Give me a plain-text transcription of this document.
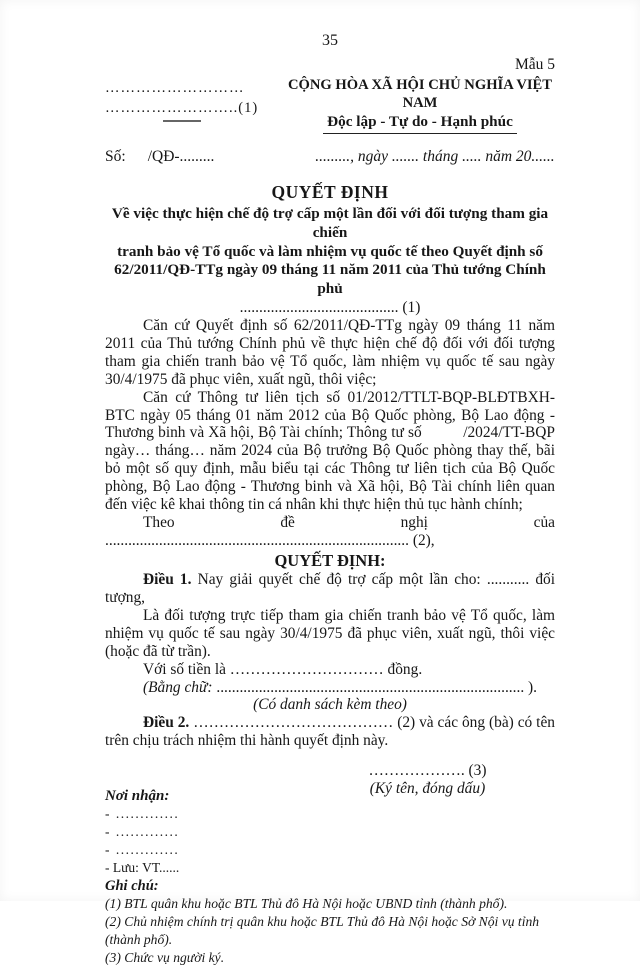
35
Mẫu 5
………………………
……………………..(1)
CỘNG HÒA XÃ HỘI CHỦ NGHĨA VIỆT NAM
Độc lập - Tự do - Hạnh phúc
Số: /QĐ-.........	........., ngày ....... tháng ..... năm 20......
QUYẾT ĐỊNH
Về việc thực hiện chế độ trợ cấp một lần đối với đối tượng tham gia chiến
tranh bảo vệ Tổ quốc và làm nhiệm vụ quốc tế theo Quyết định số
62/2011/QĐ-TTg ngày 09 tháng 11 năm 2011 của Thủ tướng Chính phủ
......................................... (1)

Căn cứ Quyết định số 62/2011/QĐ-TTg ngày 09 tháng 11 năm 2011 của Thủ tướng Chính phủ về thực hiện chế độ đối với đối tượng tham gia chiến tranh bảo vệ Tổ quốc, làm nhiệm vụ quốc tế sau ngày 30/4/1975 đã phục viên, xuất ngũ, thôi việc;

Căn cứ Thông tư liên tịch số 01/2012/TTLT-BQP-BLĐTBXH-BTC ngày 05 tháng 01 năm 2012 của Bộ Quốc phòng, Bộ Lao động - Thương binh và Xã hội, Bộ Tài chính; Thông tư số          /2024/TT-BQP ngày… tháng… năm 2024 của Bộ trưởng Bộ Quốc phòng thay thế, bãi bỏ một số quy định, mẫu biểu tại các Thông tư liên tịch của Bộ Quốc phòng, Bộ Lao động - Thương binh và Xã hội, Bộ Tài chính liên quan đến việc kê khai thông tin cá nhân khi thực hiện thủ tục hành chính;

Theo đề nghị của ............................................................................... (2),

QUYẾT ĐỊNH:

Điều 1. Nay giải quyết chế độ trợ cấp một lần cho: ........... đối tượng,

Là đối tượng trực tiếp tham gia chiến tranh bảo vệ Tổ quốc, làm nhiệm vụ quốc tế sau ngày 30/4/1975 đã phục viên, xuất ngũ, thôi việc (hoặc đã từ trần).

Với số tiền là ………………………… đồng.

(Bằng chữ: ................................................................................ ).

(Có danh sách kèm theo)

Điều 2. ………………………………… (2) và các ông (bà) có tên trên chịu trách nhiệm thi hành quyết định này.

Nơi nhận:
- .............
- .............
- .............
- Lưu: VT......
………………. (3)
(Ký tên, đóng dấu)
Ghi chú:
(1) BTL quân khu hoặc BTL Thủ đô Hà Nội hoặc UBND tỉnh (thành phố).
(2) Chủ nhiệm chính trị quân khu hoặc BTL Thủ đô Hà Nội hoặc Sở Nội vụ tỉnh (thành phố).
(3) Chức vụ người ký.
